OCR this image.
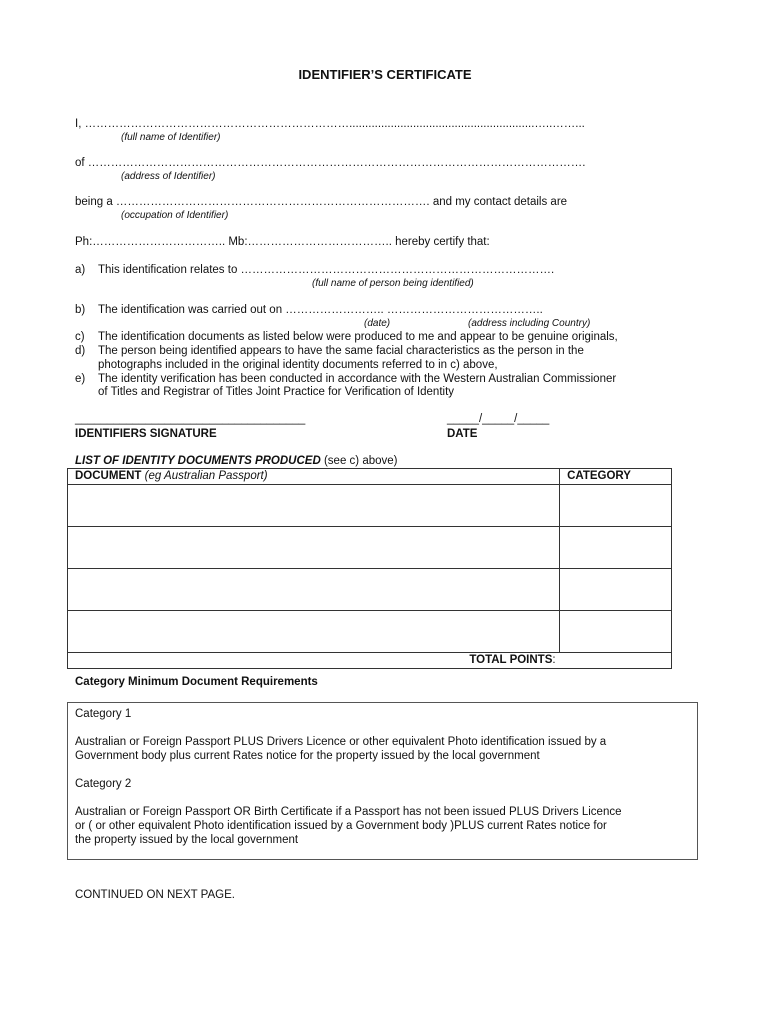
IDENTIFIER’S CERTIFICATE
I, ……………………………………………………………..........................................................…..……...
(full name of Identifier)
of ………………………………………………………………………………………………………………….
(address of Identifier)
being a ………………………………………………………………………. and my contact details are
(occupation of Identifier)
Ph:…………………………….. Mb:……………………………….. hereby certify that:
a) This identification relates to ……………………………………………………………………….
(full name of person being identified)
b) The identification was carried out on …………………….. …………………………………..
(date)	(address including Country)
c) The identification documents as listed below were produced to me and appear to be genuine originals,
d) The person being identified appears to have the same facial characteristics as the person in the
photographs included in the original identity documents referred to in c) above,
e) The identity verification has been conducted in accordance with the Western Australian Commissioner
of Titles and Registrar of Titles Joint Practice for Verification of Identity
____________________________________
IDENTIFIERS SIGNATURE
_____/_____/_____
DATE
LIST OF IDENTITY DOCUMENTS PRODUCED (see c) above)
DOCUMENT (eg Australian Passport)	CATEGORY

TOTAL POINTS:	
Category Minimum Document Requirements

Category 1

Australian or Foreign Passport PLUS Drivers Licence or other equivalent Photo identification issued by a

Government body plus current Rates notice for the property issued by the local government

Category 2

Australian or Foreign Passport OR Birth Certificate if a Passport has not been issued PLUS Drivers Licence

or ( or other equivalent Photo identification issued by a Government body )PLUS current Rates notice for

the property issued by the local government

CONTINUED ON NEXT PAGE.
